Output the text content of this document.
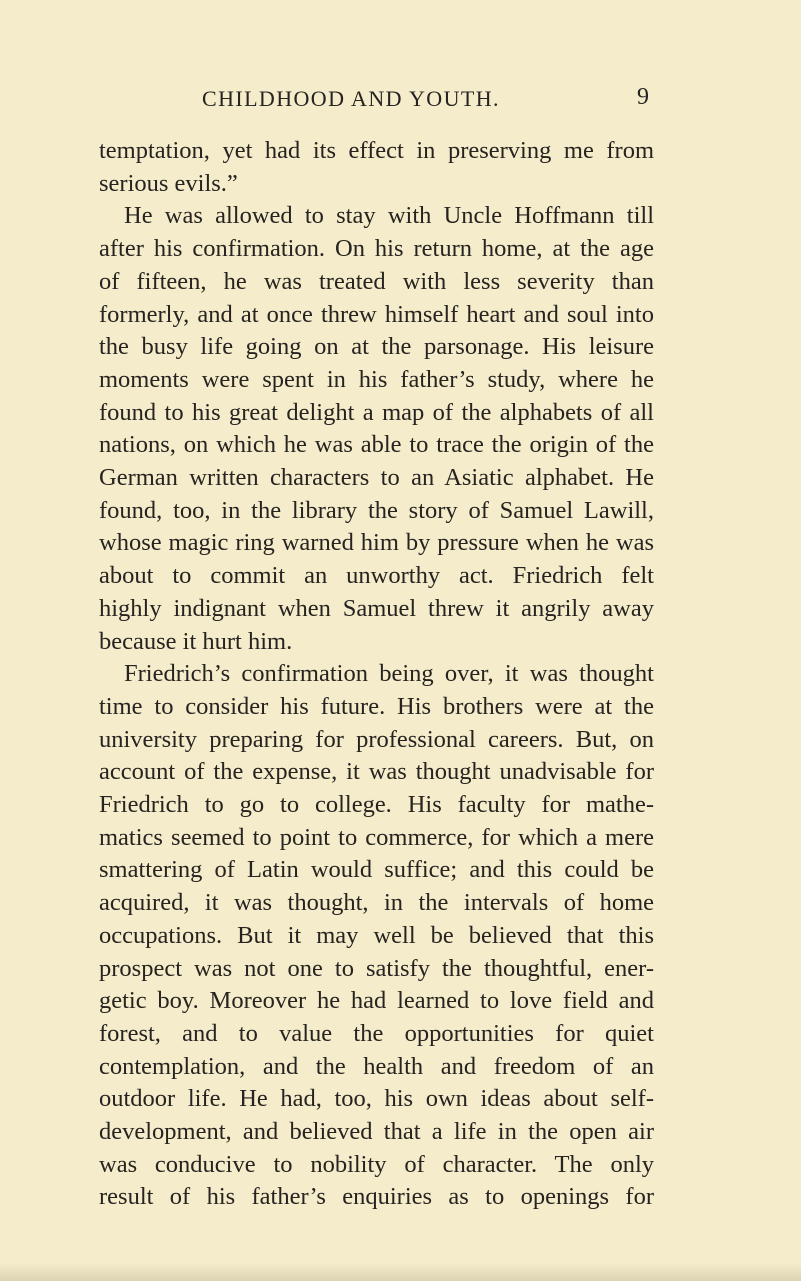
CHILDHOOD AND YOUTH.	9
temptation, yet had its effect in preserving me from
serious evils.”
He was allowed to stay with Uncle Hoffmann till
after his confirmation. On his return home, at the age
of fifteen, he was treated with less severity than
formerly, and at once threw himself heart and soul into
the busy life going on at the parsonage. His leisure
moments were spent in his father’s study, where he
found to his great delight a map of the alphabets of all
nations, on which he was able to trace the origin of the
German written characters to an Asiatic alphabet. He
found, too, in the library the story of Samuel Lawill,
whose magic ring warned him by pressure when he was
about to commit an unworthy act. Friedrich felt
highly indignant when Samuel threw it angrily away
because it hurt him.
Friedrich’s confirmation being over, it was thought
time to consider his future. His brothers were at the
university preparing for professional careers. But, on
account of the expense, it was thought unadvisable for
Friedrich to go to college. His faculty for mathe-
matics seemed to point to commerce, for which a mere
smattering of Latin would suffice; and this could be
acquired, it was thought, in the intervals of home
occupations. But it may well be believed that this
prospect was not one to satisfy the thoughtful, ener-
getic boy. Moreover he had learned to love field and
forest, and to value the opportunities for quiet
contemplation, and the health and freedom of an
outdoor life. He had, too, his own ideas about self-
development, and believed that a life in the open air
was conducive to nobility of character. The only
result of his father’s enquiries as to openings for
